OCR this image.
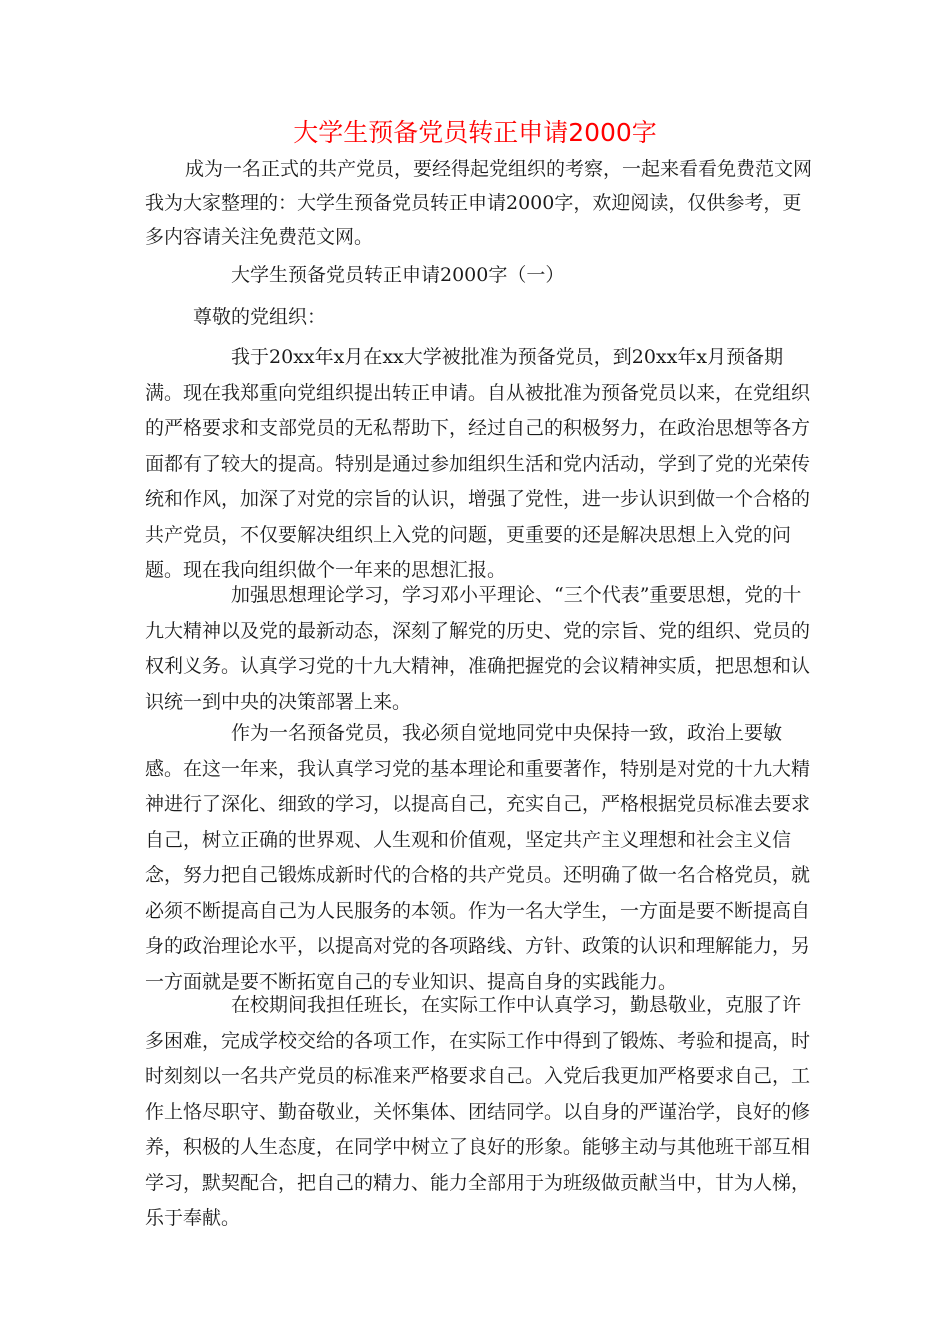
大学生预备党员转正申请2000字

成为一名正式的共产党员，要经得起党组织的考察，一起来看看免费范文网我为大家整理的：大学生预备党员转正申请2000字，欢迎阅读，仅供参考，更多内容请关注免费范文网。

大学生预备党员转正申请2000字（一）

尊敬的党组织：

我于20xx年x月在xx大学被批准为预备党员，到20xx年x月预备期满。现在我郑重向党组织提出转正申请。自从被批准为预备党员以来，在党组织的严格要求和支部党员的无私帮助下，经过自己的积极努力，在政治思想等各方面都有了较大的提高。特别是通过参加组织生活和党内活动，学到了党的光荣传统和作风，加深了对党的宗旨的认识，增强了党性，进一步认识到做一个合格的共产党员，不仅要解决组织上入党的问题，更重要的还是解决思想上入党的问题。现在我向组织做个一年来的思想汇报。

加强思想理论学习，学习邓小平理论、“三个代表”重要思想，党的十九大精神以及党的最新动态，深刻了解党的历史、党的宗旨、党的组织、党员的权利义务。认真学习党的十九大精神，准确把握党的会议精神实质，把思想和认识统一到中央的决策部署上来。

作为一名预备党员，我必须自觉地同党中央保持一致，政治上要敏感。在这一年来，我认真学习党的基本理论和重要著作，特别是对党的十九大精神进行了深化、细致的学习，以提高自己，充实自己，严格根据党员标准去要求自己，树立正确的世界观、人生观和价值观，坚定共产主义理想和社会主义信念，努力把自己锻炼成新时代的合格的共产党员。还明确了做一名合格党员，就必须不断提高自己为人民服务的本领。作为一名大学生，一方面是要不断提高自身的政治理论水平，以提高对党的各项路线、方针、政策的认识和理解能力，另一方面就是要不断拓宽自己的专业知识、提高自身的实践能力。

在校期间我担任班长，在实际工作中认真学习，勤恳敬业，克服了许多困难，完成学校交给的各项工作，在实际工作中得到了锻炼、考验和提高，时时刻刻以一名共产党员的标准来严格要求自己。入党后我更加严格要求自己，工作上恪尽职守、勤奋敬业，关怀集体、团结同学。以自身的严谨治学，良好的修养，积极的人生态度，在同学中树立了良好的形象。能够主动与其他班干部互相学习，默契配合，把自己的精力、能力全部用于为班级做贡献当中，甘为人梯，乐于奉献。
